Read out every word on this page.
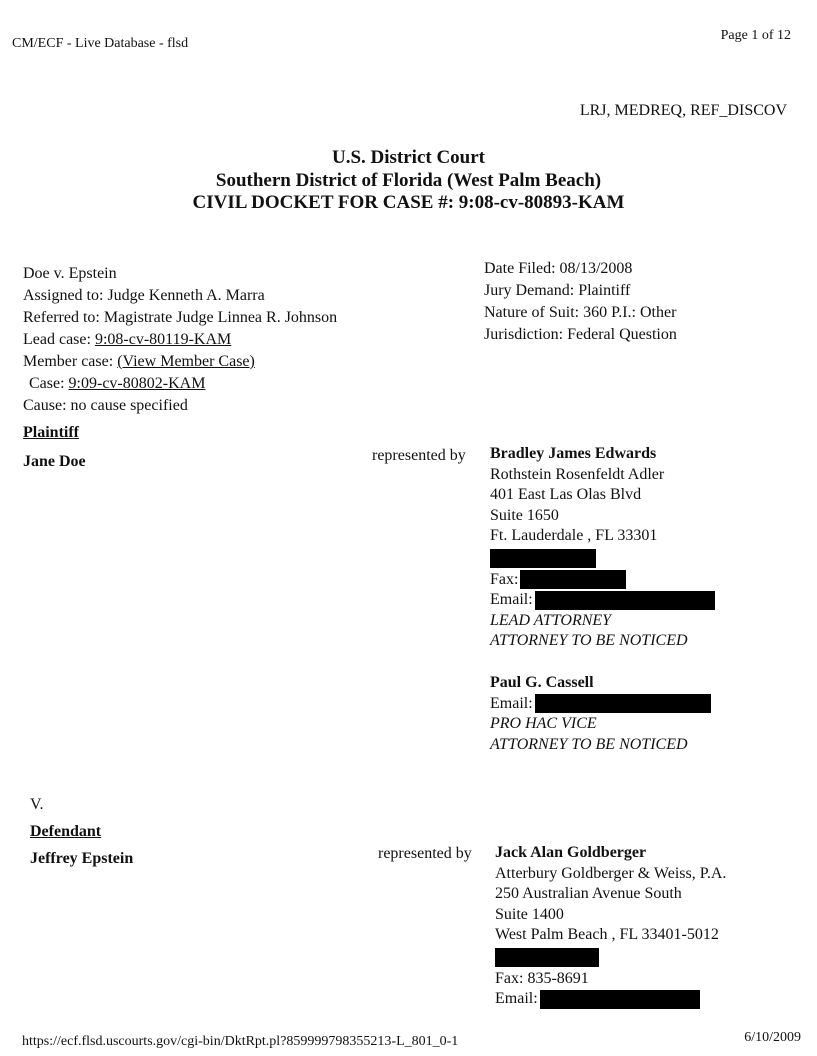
CM/ECF - Live Database - flsd
Page 1 of 12
LRJ, MEDREQ, REF_DISCOV
U.S. District Court
Southern District of Florida (West Palm Beach)
CIVIL DOCKET FOR CASE #: 9:08-cv-80893-KAM
Doe v. Epstein
Assigned to: Judge Kenneth A. Marra
Referred to: Magistrate Judge Linnea R. Johnson
Lead case: 9:08-cv-80119-KAM
Member case: (View Member Case)
Case: 9:09-cv-80802-KAM
Cause: no cause specified
Date Filed: 08/13/2008
Jury Demand: Plaintiff
Nature of Suit: 360 P.I.: Other
Jurisdiction: Federal Question
Plaintiff
Jane Doe	represented by Bradley James Edwards
Rothstein Rosenfeldt Adler
401 East Las Olas Blvd
Suite 1650
Ft. Lauderdale , FL 33301
Fax:
Email:
LEAD ATTORNEY
ATTORNEY TO BE NOTICED
Paul G. Cassell
Email:
PRO HAC VICE
ATTORNEY TO BE NOTICED
V.
Defendant
Jeffrey Epstein	represented by Jack Alan Goldberger
Atterbury Goldberger & Weiss, P.A.
250 Australian Avenue South
Suite 1400
West Palm Beach , FL 33401-5012
Fax: 835-8691
Email:
https://ecf.flsd.uscourts.gov/cgi-bin/DktRpt.pl?859999798355213-L_801_0-1	6/10/2009
